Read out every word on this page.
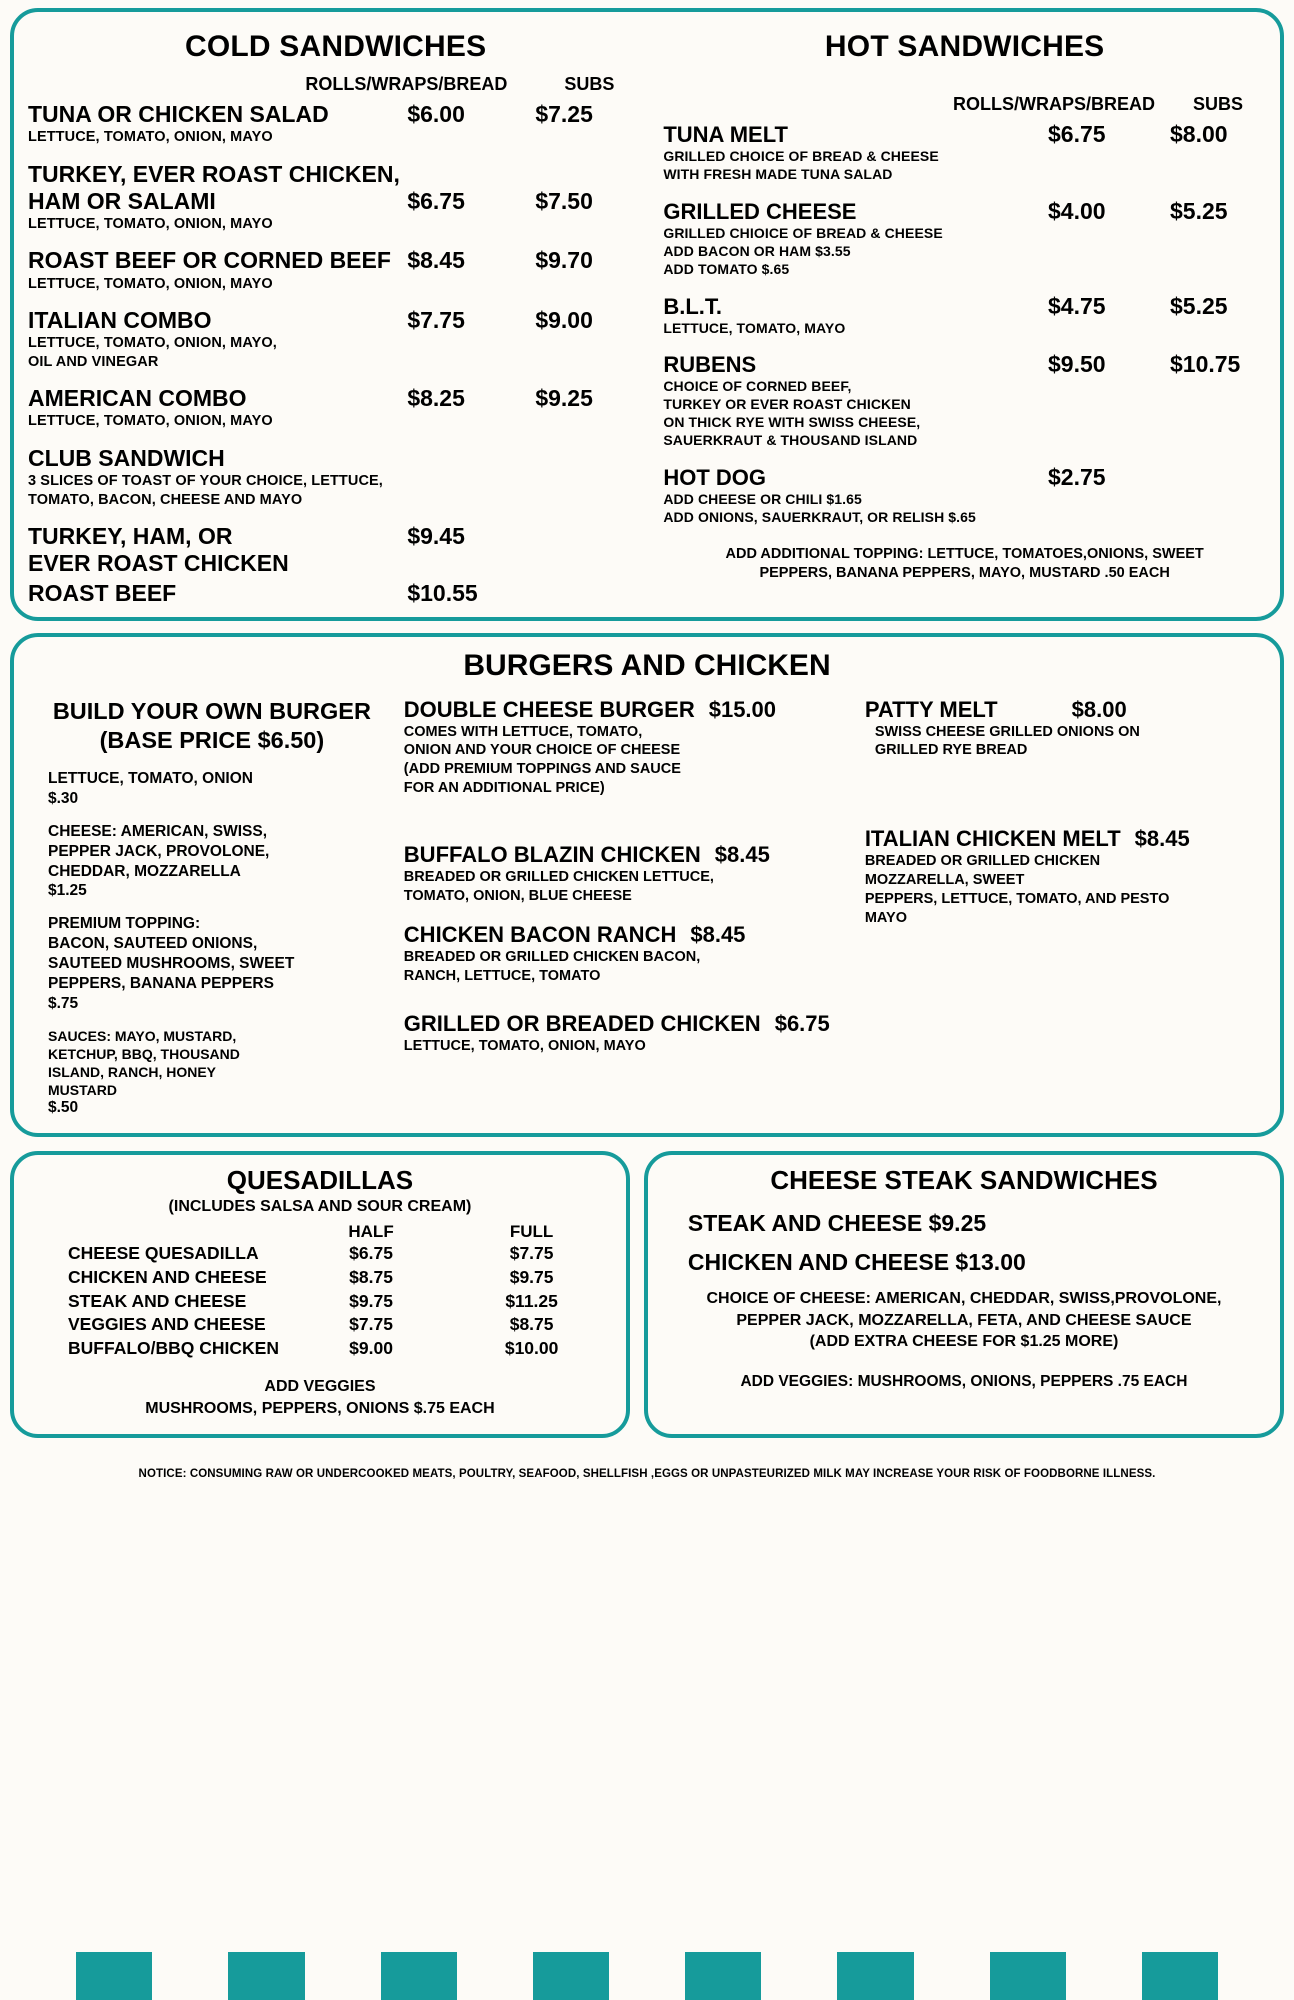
COLD SANDWICHES
ROLLS/WRAPS/BREAD	SUBS
TUNA OR CHICKEN SALAD	$6.00	$7.25
LETTUCE, TOMATO, ONION, MAYO
TURKEY, EVER ROAST CHICKEN,
HAM OR SALAMI	$6.75	$7.50
LETTUCE, TOMATO, ONION, MAYO
ROAST BEEF OR CORNED BEEF $8.45	$9.70
LETTUCE, TOMATO, ONION, MAYO
ITALIAN COMBO	$7.75	$9.00
LETTUCE, TOMATO, ONION, MAYO,
OIL AND VINEGAR
AMERICAN COMBO	$8.25	$9.25
LETTUCE, TOMATO, ONION, MAYO
CLUB SANDWICH
3 SLICES OF TOAST OF YOUR CHOICE, LETTUCE,
TOMATO, BACON, CHEESE AND MAYO
TURKEY, HAM, OR	$9.45
EVER ROAST CHICKEN
ROAST BEEF	$10.55
HOT SANDWICHES
ROLLS/WRAPS/BREAD	SUBS
TUNA MELT	$6.75	$8.00
GRILLED CHOICE OF BREAD & CHEESE
WITH FRESH MADE TUNA SALAD
GRILLED CHEESE	$4.00	$5.25
GRILLED CHIOICE OF BREAD & CHEESE
ADD BACON OR HAM $3.55
ADD TOMATO $.65
B.L.T.	$4.75	$5.25
LETTUCE, TOMATO, MAYO
RUBENS	$9.50	$10.75
CHOICE OF CORNED BEEF,
TURKEY OR EVER ROAST CHICKEN
ON THICK RYE WITH SWISS CHEESE,
SAUERKRAUT & THOUSAND ISLAND
HOT DOG	$2.75
ADD CHEESE OR CHILI $1.65
ADD ONIONS, SAUERKRAUT, OR RELISH $.65
ADD ADDITIONAL TOPPING: LETTUCE, TOMATOES,ONIONS, SWEET
PEPPERS, BANANA PEPPERS, MAYO, MUSTARD .50 EACH
BURGERS AND CHICKEN
BUILD YOUR OWN BURGER
(BASE PRICE $6.50)
LETTUCE, TOMATO, ONION
$.30
CHEESE: AMERICAN, SWISS,
PEPPER JACK, PROVOLONE,
CHEDDAR, MOZZARELLA
$1.25
PREMIUM TOPPING:
BACON, SAUTEED ONIONS,
SAUTEED MUSHROOMS, SWEET
PEPPERS, BANANA PEPPERS
$.75
SAUCES: MAYO, MUSTARD,
KETCHUP, BBQ, THOUSAND
ISLAND, RANCH, HONEY
MUSTARD
$.50
DOUBLE CHEESE BURGER $15.00
COMES WITH LETTUCE, TOMATO,
ONION AND YOUR CHOICE OF CHEESE
(ADD PREMIUM TOPPINGS AND SAUCE
FOR AN ADDITIONAL PRICE)
BUFFALO BLAZIN CHICKEN $8.45
BREADED OR GRILLED CHICKEN LETTUCE,
TOMATO, ONION, BLUE CHEESE
CHICKEN BACON RANCH $8.45
BREADED OR GRILLED CHICKEN BACON,
RANCH, LETTUCE, TOMATO
GRILLED OR BREADED CHICKEN $6.75
LETTUCE, TOMATO, ONION, MAYO
PATTY MELT	$8.00
SWISS CHEESE GRILLED ONIONS ON
GRILLED RYE BREAD
ITALIAN CHICKEN MELT $8.45
BREADED OR GRILLED CHICKEN
MOZZARELLA, SWEET
PEPPERS, LETTUCE, TOMATO, AND PESTO
MAYO
QUESADILLAS
(INCLUDES SALSA AND SOUR CREAM)
HALF	FULL
CHEESE QUESADILLA	$6.75	$7.75
CHICKEN AND CHEESE	$8.75	$9.75
STEAK AND CHEESE	$9.75	$11.25
VEGGIES AND CHEESE	$7.75	$8.75
BUFFALO/BBQ CHICKEN	$9.00	$10.00
ADD VEGGIES
MUSHROOMS, PEPPERS, ONIONS $.75 EACH
CHEESE STEAK SANDWICHES
STEAK AND CHEESE $9.25
CHICKEN AND CHEESE $13.00
CHOICE OF CHEESE: AMERICAN, CHEDDAR, SWISS,PROVOLONE,
PEPPER JACK, MOZZARELLA, FETA, AND CHEESE SAUCE
(ADD EXTRA CHEESE FOR $1.25 MORE)
ADD VEGGIES: MUSHROOMS, ONIONS, PEPPERS .75 EACH
NOTICE: CONSUMING RAW OR UNDERCOOKED MEATS, POULTRY, SEAFOOD, SHELLFISH ,EGGS OR UNPASTEURIZED MILK MAY INCREASE YOUR RISK OF FOODBORNE ILLNESS.
